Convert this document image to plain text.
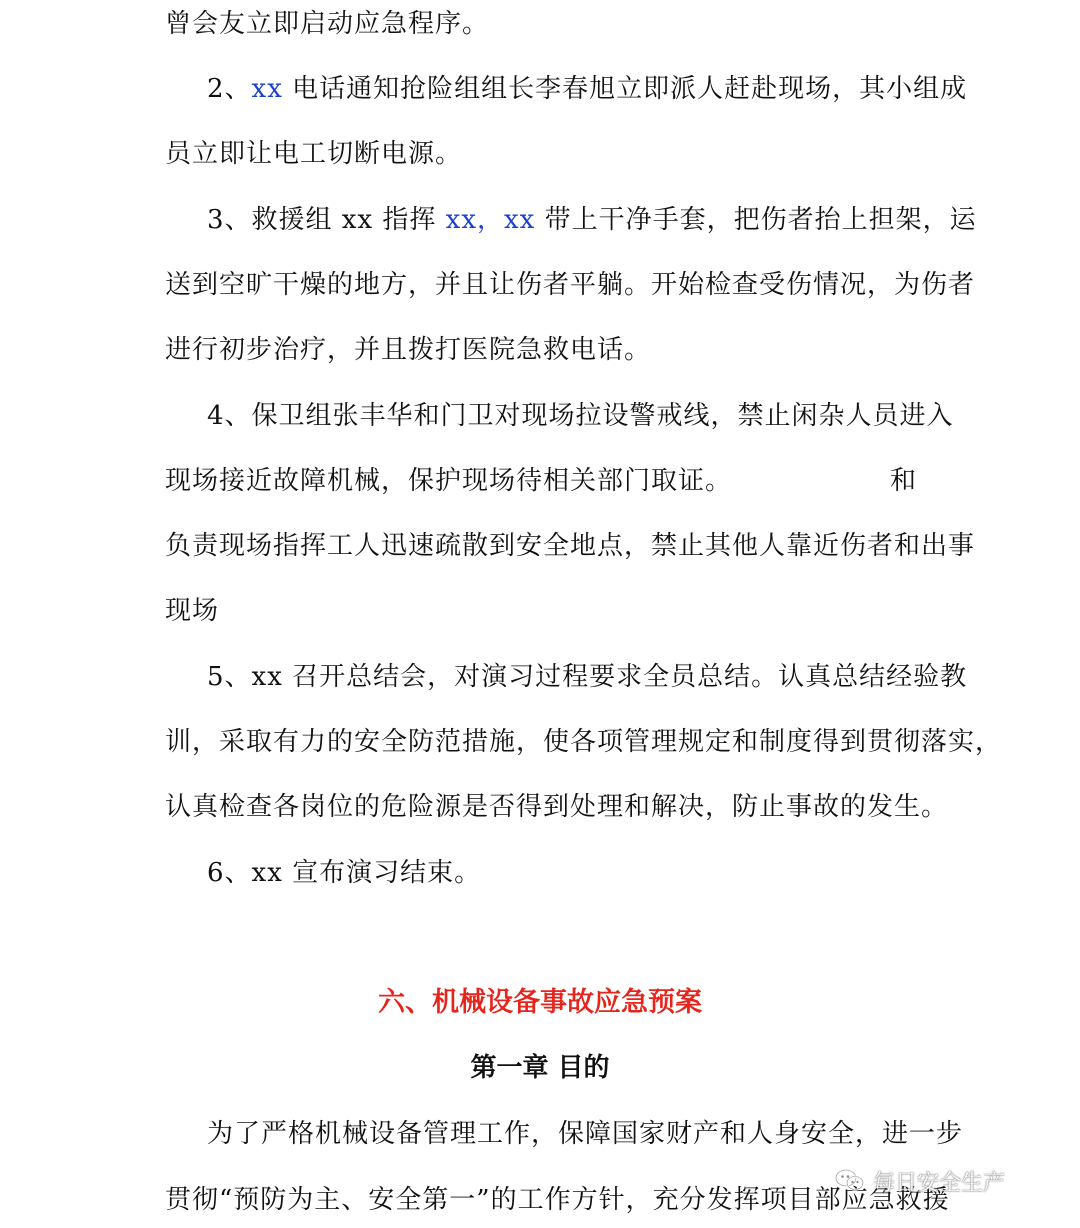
曾会友立即启动应急程序。
2、xx 电话通知抢险组组长李春旭立即派人赶赴现场，其小组成
员立即让电工切断电源。
3、救援组 xx 指挥 xx，xx 带上干净手套，把伤者抬上担架，运
送到空旷干燥的地方，并且让伤者平躺。开始检查受伤情况，为伤者
进行初步治疗，并且拨打医院急救电话。
4、保卫组张丰华和门卫对现场拉设警戒线，禁止闲杂人员进入
现场接近故障机械，保护现场待相关部门取证。	和
负责现场指挥工人迅速疏散到安全地点，禁止其他人靠近伤者和出事
现场
5、xx 召开总结会，对演习过程要求全员总结。认真总结经验教
训，采取有力的安全防范措施，使各项管理规定和制度得到贯彻落实，
认真检查各岗位的危险源是否得到处理和解决，防止事故的发生。
6、xx 宣布演习结束。
六、机械设备事故应急预案
第一章 目的
为了严格机械设备管理工作，保障国家财产和人身安全，进一步
贯彻“预防为主、安全第一”的工作方针，充分发挥项目部应急救援
每日安全生产
